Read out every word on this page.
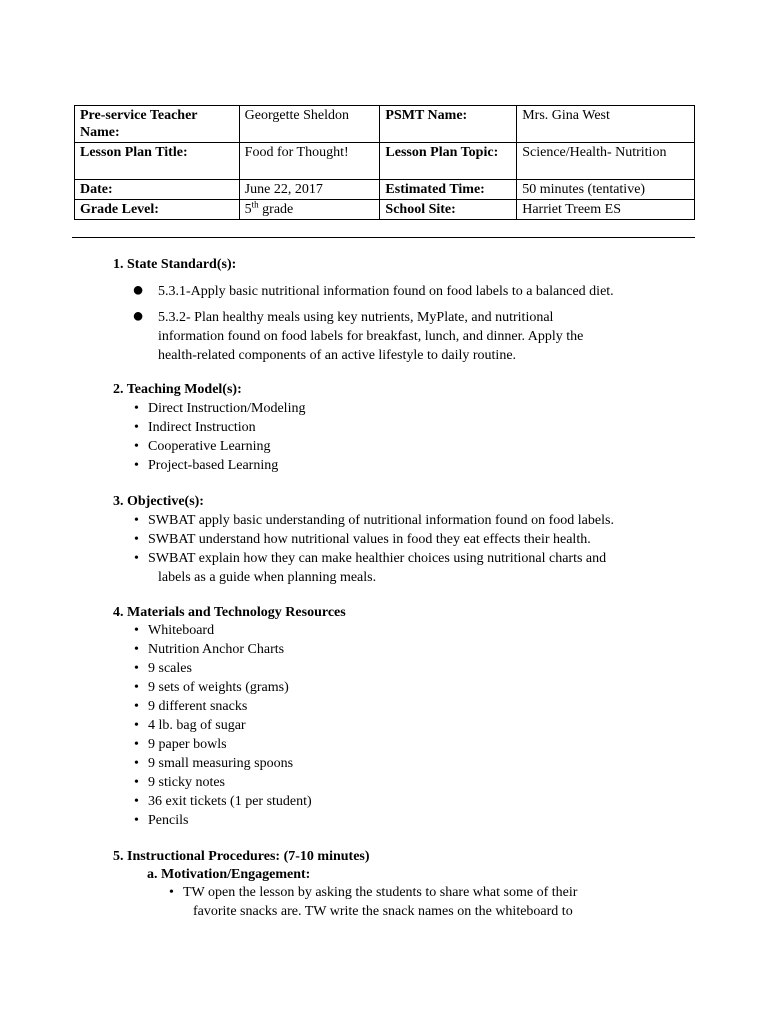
Pre-service Teacher Name:	Georgette Sheldon	PSMT Name:	Mrs. Gina West
Lesson Plan Title:	Food for Thought!	Lesson Plan Topic:	Science/Health- Nutrition
Date:	June 22, 2017	Estimated Time:	50 minutes (tentative)
Grade Level:	5th grade	School Site:	Harriet Treem ES
1. State Standard(s):
● 5.3.1-Apply basic nutritional information found on food labels to a balanced diet.
● 5.3.2- Plan healthy meals using key nutrients, MyPlate, and nutritional
information found on food labels for breakfast, lunch, and dinner. Apply the
health-related components of an active lifestyle to daily routine.
2. Teaching Model(s):
• Direct Instruction/Modeling
• Indirect Instruction
• Cooperative Learning
• Project-based Learning
3. Objective(s):
• SWBAT apply basic understanding of nutritional information found on food labels.
• SWBAT understand how nutritional values in food they eat effects their health.
• SWBAT explain how they can make healthier choices using nutritional charts and
labels as a guide when planning meals.
4. Materials and Technology Resources
• Whiteboard
• Nutrition Anchor Charts
• 9 scales
• 9 sets of weights (grams)
• 9 different snacks
• 4 lb. bag of sugar
• 9 paper bowls
• 9 small measuring spoons
• 9 sticky notes
• 36 exit tickets (1 per student)
• Pencils
5. Instructional Procedures: (7-10 minutes)
a. Motivation/Engagement:
• TW open the lesson by asking the students to share what some of their
favorite snacks are. TW write the snack names on the whiteboard to
